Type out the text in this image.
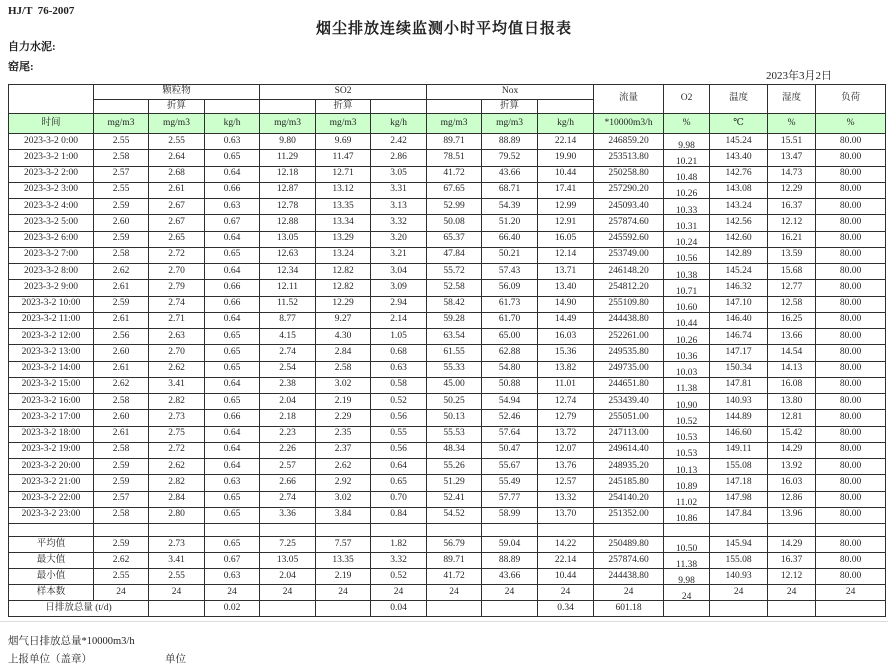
HJ/T  76-2007
烟尘排放连续监测小时平均值日报表
自力水泥:
窑尾:
2023年3月2日
	颗粒物			SO2			Nox			流量	O2	温度	湿度	负荷
		折算			折算			折算						
时间	mg/m3	mg/m3	kg/h	mg/m3	mg/m3	kg/h	mg/m3	mg/m3	kg/h	*10000m3/h	%	℃	%	%
2023-3-2 0:00	2.55	2.55	0.63	9.80	9.69	2.42	89.71	88.89	22.14	246859.20	9.98	145.24	15.51	80.00
2023-3-2 1:00	2.58	2.64	0.65	11.29	11.47	2.86	78.51	79.52	19.90	253513.80	10.21	143.40	13.47	80.00
2023-3-2 2:00	2.57	2.68	0.64	12.18	12.71	3.05	41.72	43.66	10.44	250258.80	10.48	142.76	14.73	80.00
2023-3-2 3:00	2.55	2.61	0.66	12.87	13.12	3.31	67.65	68.71	17.41	257290.20	10.26	143.08	12.29	80.00
2023-3-2 4:00	2.59	2.67	0.63	12.78	13.35	3.13	52.99	54.39	12.99	245093.40	10.33	143.24	16.37	80.00
2023-3-2 5:00	2.60	2.67	0.67	12.88	13.34	3.32	50.08	51.20	12.91	257874.60	10.31	142.56	12.12	80.00
2023-3-2 6:00	2.59	2.65	0.64	13.05	13.29	3.20	65.37	66.40	16.05	245592.60	10.24	142.60	16.21	80.00
2023-3-2 7:00	2.58	2.72	0.65	12.63	13.24	3.21	47.84	50.21	12.14	253749.00	10.56	142.89	13.59	80.00
2023-3-2 8:00	2.62	2.70	0.64	12.34	12.82	3.04	55.72	57.43	13.71	246148.20	10.38	145.24	15.68	80.00
2023-3-2 9:00	2.61	2.79	0.66	12.11	12.82	3.09	52.58	56.09	13.40	254812.20	10.71	146.32	12.77	80.00
2023-3-2 10:00	2.59	2.74	0.66	11.52	12.29	2.94	58.42	61.73	14.90	255109.80	10.60	147.10	12.58	80.00
2023-3-2 11:00	2.61	2.71	0.64	8.77	9.27	2.14	59.28	61.70	14.49	244438.80	10.44	146.40	16.25	80.00
2023-3-2 12:00	2.56	2.63	0.65	4.15	4.30	1.05	63.54	65.00	16.03	252261.00	10.26	146.74	13.66	80.00
2023-3-2 13:00	2.60	2.70	0.65	2.74	2.84	0.68	61.55	62.88	15.36	249535.80	10.36	147.17	14.54	80.00
2023-3-2 14:00	2.61	2.62	0.65	2.54	2.58	0.63	55.33	54.80	13.82	249735.00	10.03	150.34	14.13	80.00
2023-3-2 15:00	2.62	3.41	0.64	2.38	3.02	0.58	45.00	50.88	11.01	244651.80	11.38	147.81	16.08	80.00
2023-3-2 16:00	2.58	2.82	0.65	2.04	2.19	0.52	50.25	54.94	12.74	253439.40	10.90	140.93	13.80	80.00
2023-3-2 17:00	2.60	2.73	0.66	2.18	2.29	0.56	50.13	52.46	12.79	255051.00	10.52	144.89	12.81	80.00
2023-3-2 18:00	2.61	2.75	0.64	2.23	2.35	0.55	55.53	57.64	13.72	247113.00	10.53	146.60	15.42	80.00
2023-3-2 19:00	2.58	2.72	0.64	2.26	2.37	0.56	48.34	50.47	12.07	249614.40	10.53	149.11	14.29	80.00
2023-3-2 20:00	2.59	2.62	0.64	2.57	2.62	0.64	55.26	55.67	13.76	248935.20	10.13	155.08	13.92	80.00
2023-3-2 21:00	2.59	2.82	0.63	2.66	2.92	0.65	51.29	55.49	12.57	245185.80	10.89	147.18	16.03	80.00
2023-3-2 22:00	2.57	2.84	0.65	2.74	3.02	0.70	52.41	57.77	13.32	254140.20	11.02	147.98	12.86	80.00
2023-3-2 23:00	2.58	2.80	0.65	3.36	3.84	0.84	54.52	58.99	13.70	251352.00	10.86	147.84	13.96	80.00

平均值	2.59	2.73	0.65	7.25	7.57	1.82	56.79	59.04	14.22	250489.80	10.50	145.94	14.29	80.00
最大值	2.62	3.41	0.67	13.05	13.35	3.32	89.71	88.89	22.14	257874.60	11.38	155.08	16.37	80.00
最小值	2.55	2.55	0.63	2.04	2.19	0.52	41.72	43.66	10.44	244438.80	9.98	140.93	12.12	80.00
样本数	24	24	24	24	24	24	24	24	24	24	24	24	24	24
日排放总量 (t/d)			0.02			0.04			0.34	601.18				
烟气日排放总量*10000m3/h
上报单位（盖章）	单位
